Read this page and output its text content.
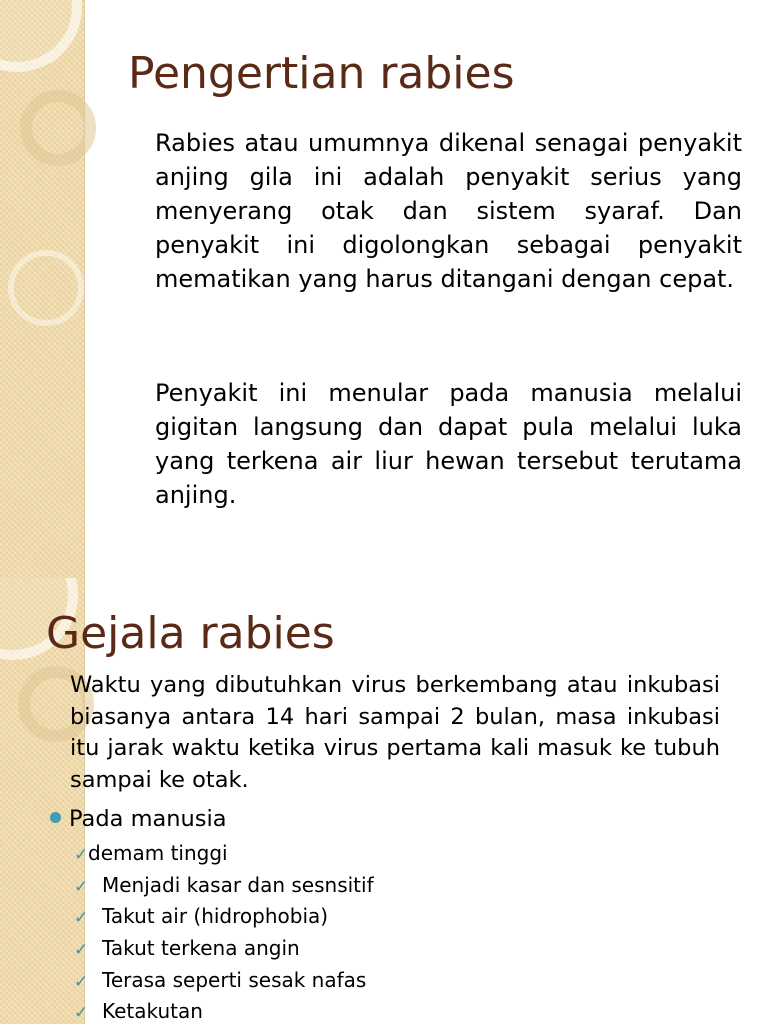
Pengertian rabies

Rabies atau umumnya dikenal senagai penyakit anjing gila ini adalah penyakit serius yang menyerang otak dan sistem syaraf. Dan penyakit ini digolongkan sebagai penyakit mematikan yang harus ditangani dengan cepat.

Penyakit ini menular pada manusia melalui gigitan langsung dan dapat pula melalui luka yang terkena air liur hewan tersebut terutama anjing.

Gejala rabies

Waktu yang dibutuhkan virus berkembang atau inkubasi biasanya antara 14 hari sampai 2 bulan, masa inkubasi itu jarak waktu ketika virus pertama kali masuk ke tubuh sampai ke otak.

Pada manusia

✓demam tinggi
✓ Menjadi kasar dan sesnsitif
✓ Takut air (hidrophobia)
✓ Takut terkena angin
✓ Terasa seperti sesak nafas
✓ Ketakutan
